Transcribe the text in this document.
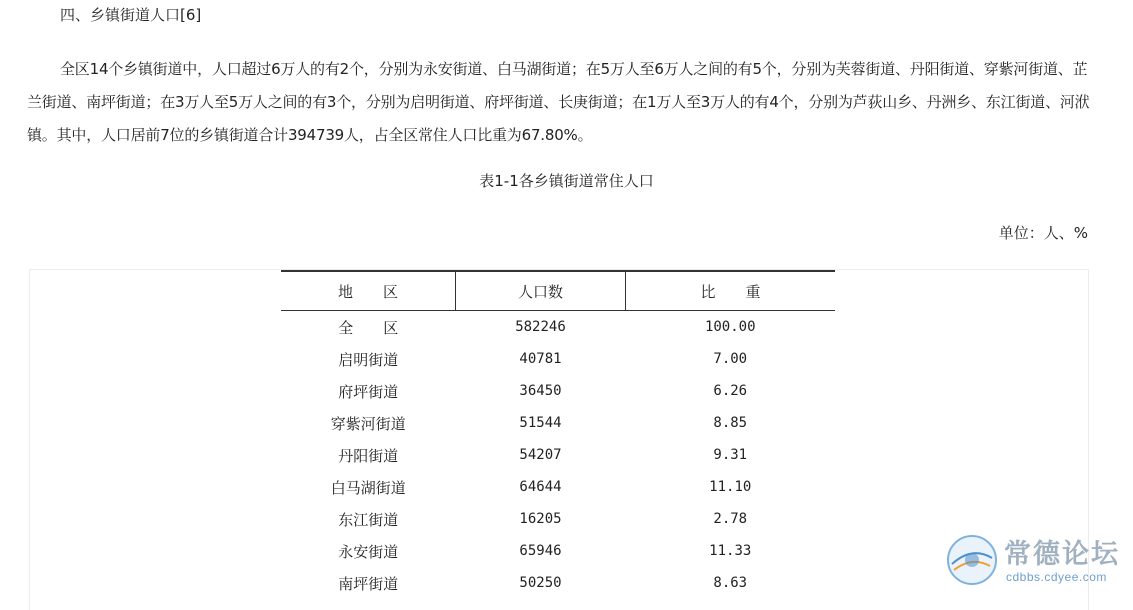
四、乡镇街道人口[6]
全区14个乡镇街道中，人口超过6万人的有2个，分别为永安街道、白马湖街道；在5万人至6万人之间的有5个，分别为芙蓉街道、丹阳街道、穿紫河街道、芷兰街道、南坪街道；在3万人至5万人之间的有3个，分别为启明街道、府坪街道、长庚街道；在1万人至3万人的有4个，分别为芦荻山乡、丹洲乡、东江街道、河洑镇。其中，人口居前7位的乡镇街道合计394739人，占全区常住人口比重为67.80%。
表1-1各乡镇街道常住人口
单位：人、%
地　　区	人口数	比　　重
全　　区	582246	100.00
启明街道	40781	7.00
府坪街道	36450	6.26
穿紫河街道	51544	8.85
丹阳街道	54207	9.31
白马湖街道	64644	11.10
东江街道	16205	2.78
永安街道	65946	11.33
南坪街道	50250	8.63
常德论坛
cdbbs.cdyee.com
